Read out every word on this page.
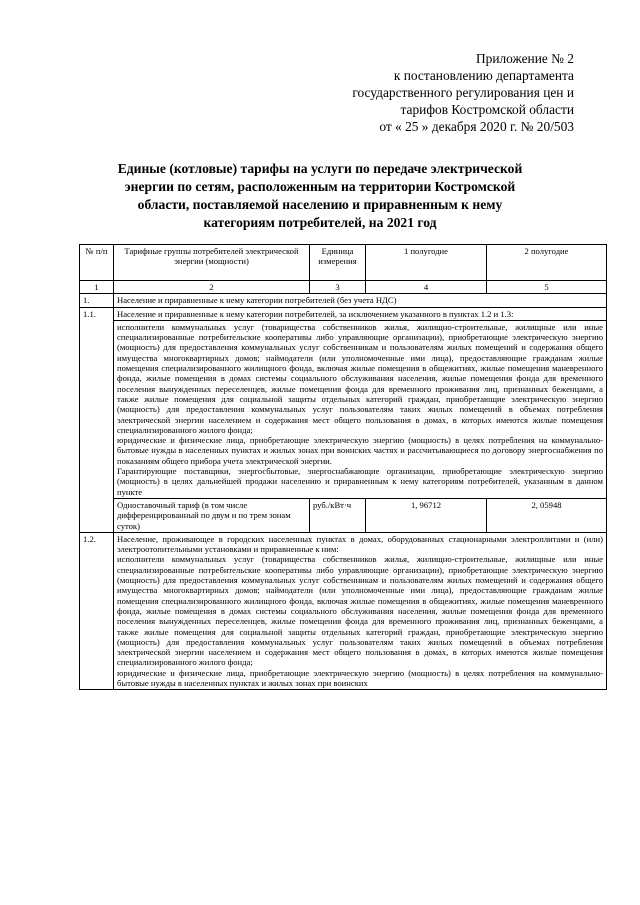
Приложение № 2
к постановлению департамента
государственного регулирования цен и
тарифов Костромской области
от « 25 » декабря 2020 г. № 20/503
Единые (котловые) тарифы на услуги по передаче электрической
энергии по сетям, расположенным на территории Костромской
области, поставляемой населению и приравненным к нему
категориям потребителей, на 2021 год
№ п/п	Тарифные группы потребителей электрической энергии (мощности)	Единица измерения	1 полугодие	2 полугодие
1	2	3	4	5
1.	Население и приравненные к нему категории потребителей (без учета НДС)			
1.1.	Население и приравненные к нему категории потребителей, за исключением указанного в пунктах 1.2 и 1.3:			

	исполнители коммунальных услуг (товарищества собственников жилья, жилищно-строительные, жилищные или иные специализированные потребительские кооперативы либо управляющие организации), приобретающие электрическую энергию (мощность) для предоставления коммунальных услуг собственникам и пользователям жилых помещений и содержания общего имущества многоквартирных домов; наймодатели (или уполномоченные ими лица), предоставляющие гражданам жилые помещения специализированного жилищного фонда, включая жилые помещения в общежитиях, жилые помещения маневренного фонда, жилые помещения в домах системы социального обслуживания населения, жилые помещения фонда для временного поселения вынужденных переселенцев, жилые помещения фонда для временного проживания лиц, признанных беженцами, а также жилые помещения для социальной защиты отдельных категорий граждан, приобретающие электрическую энергию (мощность) для предоставления коммунальных услуг пользователям таких жилых помещений в объемах потребления электрической энергии населением и содержания мест общего пользования в домах, в которых имеются жилые помещения специализированного жилого фонда;

юридические и физические лица, приобретающие электрическую энергию (мощность) в целях потребления на коммунально-бытовые нужды в населенных пунктах и жилых зонах при воинских частях и рассчитывающиеся по договору энергоснабжения по показаниям общего прибора учета электрической энергии.

Гарантирующие поставщики, энергосбытовые, энергоснабжающие организации, приобретающие электрическую энергию (мощность) в целях дальнейшей продажи населению и приравненным к нему категориям потребителей, указанным в данном пункте			

	Одноставочный тариф (в том числе дифференцированный по двум и по трем зонам суток)	руб./кВт·ч	1, 96712	2, 05948
1.2.	Население, проживающее в городских населенных пунктах в домах, оборудованных стационарными электроплитами и (или) электроотопительными установками и приравненные к ним:

исполнители коммунальных услуг (товарищества собственников жилья, жилищно-строительные, жилищные или иные специализированные потребительские кооперативы либо управляющие организации), приобретающие электрическую энергию (мощность) для предоставления коммунальных услуг собственникам и пользователям жилых помещений и содержания общего имущества многоквартирных домов; наймодатели (или уполномоченные ими лица), предоставляющие гражданам жилые помещения специализированного жилищного фонда, включая жилые помещения в общежитиях, жилые помещения маневренного фонда, жилые помещения в домах системы социального обслуживания населения, жилые помещения фонда для временного поселения вынужденных переселенцев, жилые помещения фонда для временного проживания лиц, признанных беженцами, а также жилые помещения для социальной защиты отдельных категорий граждан, приобретающие электрическую энергию (мощность) для предоставления коммунальных услуг пользователям таких жилых помещений в объемах потребления электрической энергии населением и содержания мест общего пользования в домах, в которых имеются жилые помещения специализированного жилого фонда;

юридические и физические лица, приобретающие электрическую энергию (мощность) в целях потребления на коммунально-бытовые нужды в населенных пунктах и жилых зонах при воинских			
